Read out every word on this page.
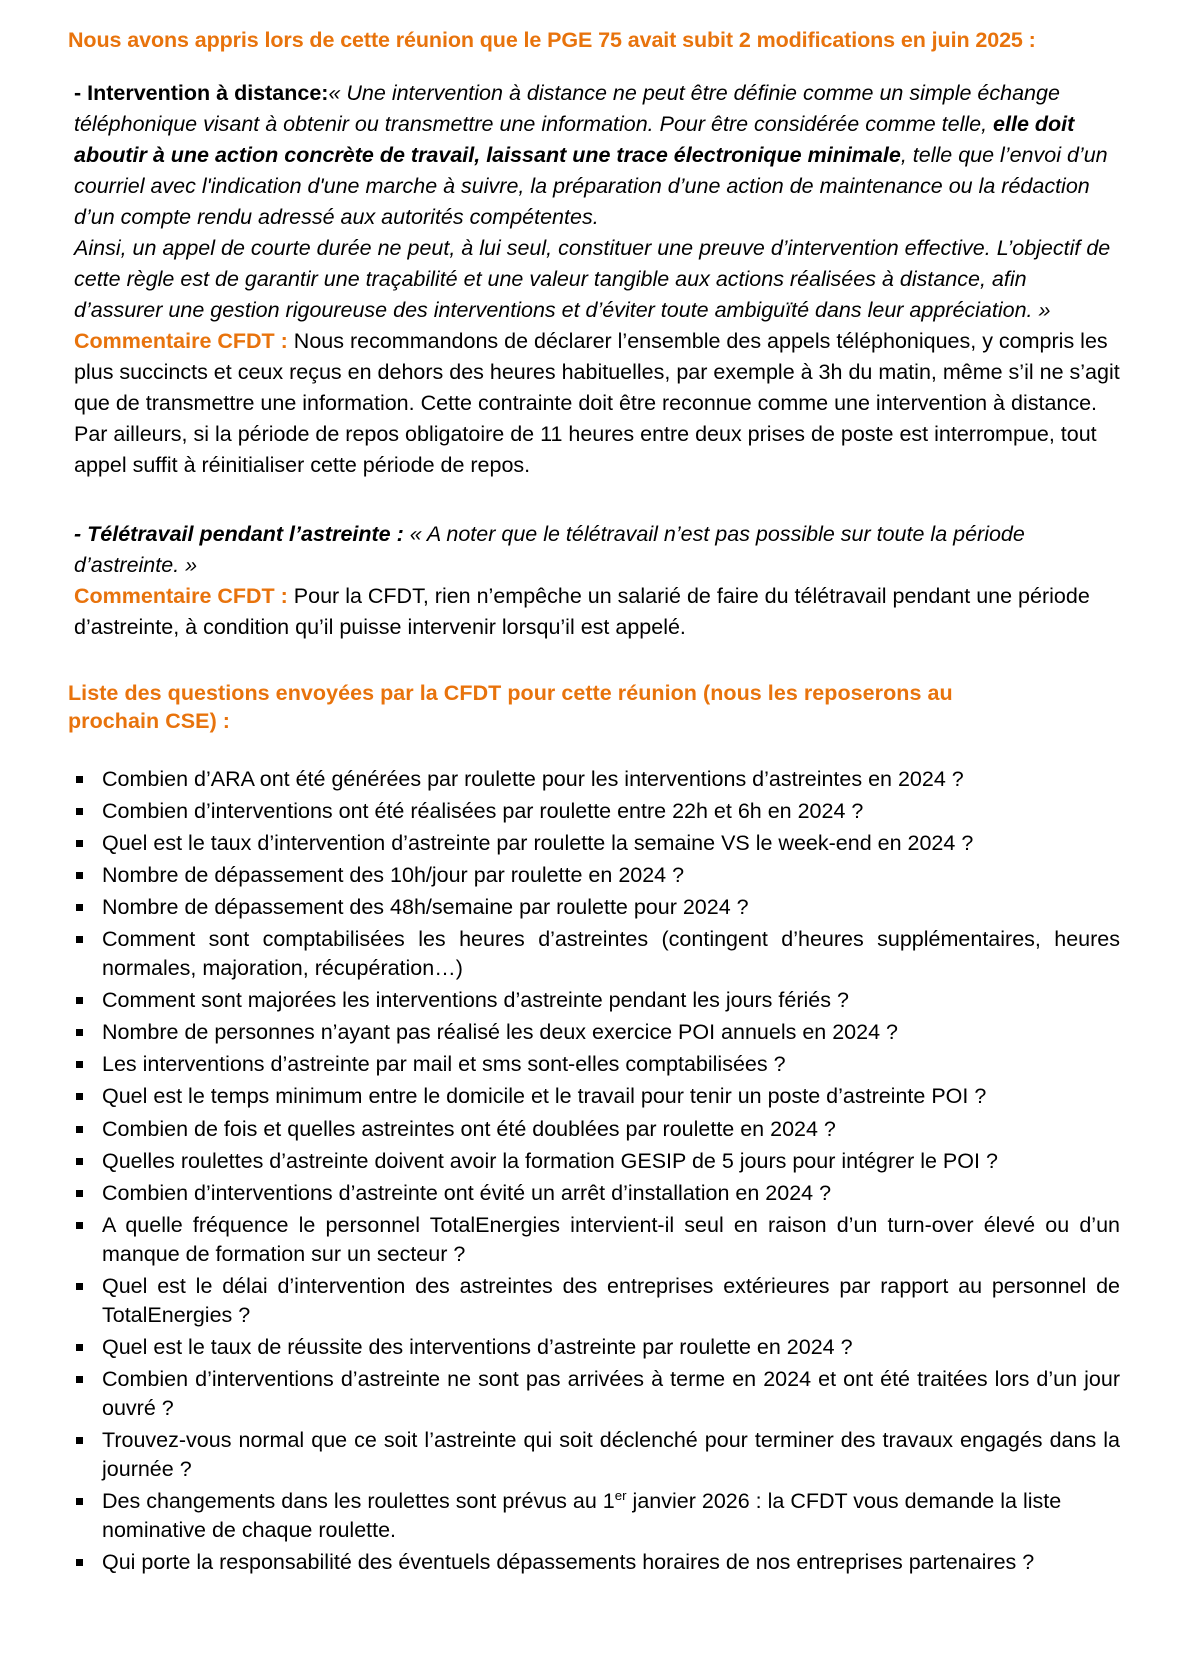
Nous avons appris lors de cette réunion que le PGE 75 avait subit 2 modifications en juin 2025 :

- Intervention à distance:« Une intervention à distance ne peut être définie comme un simple échange téléphonique visant à obtenir ou transmettre une information. Pour être considérée comme telle, elle doit aboutir à une action concrète de travail, laissant une trace électronique minimale, telle que l’envoi d’un courriel avec l'indication d'une marche à suivre, la préparation d’une action de maintenance ou la rédaction d’un compte rendu adressé aux autorités compétentes.

Ainsi, un appel de courte durée ne peut, à lui seul, constituer une preuve d’intervention effective. L’objectif de cette règle est de garantir une traçabilité et une valeur tangible aux actions réalisées à distance, afin d’assurer une gestion rigoureuse des interventions et d’éviter toute ambiguïté dans leur appréciation. »

Commentaire CFDT : Nous recommandons de déclarer l’ensemble des appels téléphoniques, y compris les plus succincts et ceux reçus en dehors des heures habituelles, par exemple à 3h du matin, même s’il ne s’agit que de transmettre une information. Cette contrainte doit être reconnue comme une intervention à distance. Par ailleurs, si la période de repos obligatoire de 11 heures entre deux prises de poste est interrompue, tout appel suffit à réinitialiser cette période de repos.

- Télétravail pendant l’astreinte : « A noter que le télétravail n’est pas possible sur toute la période d’astreinte. »

Commentaire CFDT : Pour la CFDT, rien n’empêche un salarié de faire du télétravail pendant une période d’astreinte, à condition qu’il puisse intervenir lorsqu’il est appelé.

Liste des questions envoyées par la CFDT pour cette réunion (nous les reposerons au
prochain CSE) :
Combien d’ARA ont été générées par roulette pour les interventions d’astreintes en 2024 ?
Combien d’interventions ont été réalisées par roulette entre 22h et 6h en 2024 ?
Quel est le taux d’intervention d’astreinte par roulette la semaine VS le week-end en 2024 ?
Nombre de dépassement des 10h/jour par roulette en 2024 ?
Nombre de dépassement des 48h/semaine par roulette pour 2024 ?
Comment sont comptabilisées les heures d’astreintes (contingent d’heures supplémentaires, heures normales, majoration, récupération…)
Comment sont majorées les interventions d’astreinte pendant les jours fériés ?
Nombre de personnes n’ayant pas réalisé les deux exercice POI annuels en 2024 ?
Les interventions d’astreinte par mail et sms sont-elles comptabilisées ?
Quel est le temps minimum entre le domicile et le travail pour tenir un poste d’astreinte POI ?
Combien de fois et quelles astreintes ont été doublées par roulette en 2024 ?
Quelles roulettes d’astreinte doivent avoir la formation GESIP de 5 jours pour intégrer le POI ?
Combien d’interventions d’astreinte ont évité un arrêt d’installation en 2024 ?
A quelle fréquence le personnel TotalEnergies intervient-il seul en raison d’un turn-over élevé ou d’un manque de formation sur un secteur ?
Quel est le délai d’intervention des astreintes des entreprises extérieures par rapport au personnel de TotalEnergies ?
Quel est le taux de réussite des interventions d’astreinte par roulette en 2024 ?
Combien d’interventions d’astreinte ne sont pas arrivées à terme en 2024 et ont été traitées lors d’un jour ouvré ?
Trouvez-vous normal que ce soit l’astreinte qui soit déclenché pour terminer des travaux engagés dans la journée ?
Des changements dans les roulettes sont prévus au 1er janvier 2026 : la CFDT vous demande la liste nominative de chaque roulette.
Qui porte la responsabilité des éventuels dépassements horaires de nos entreprises partenaires ?
